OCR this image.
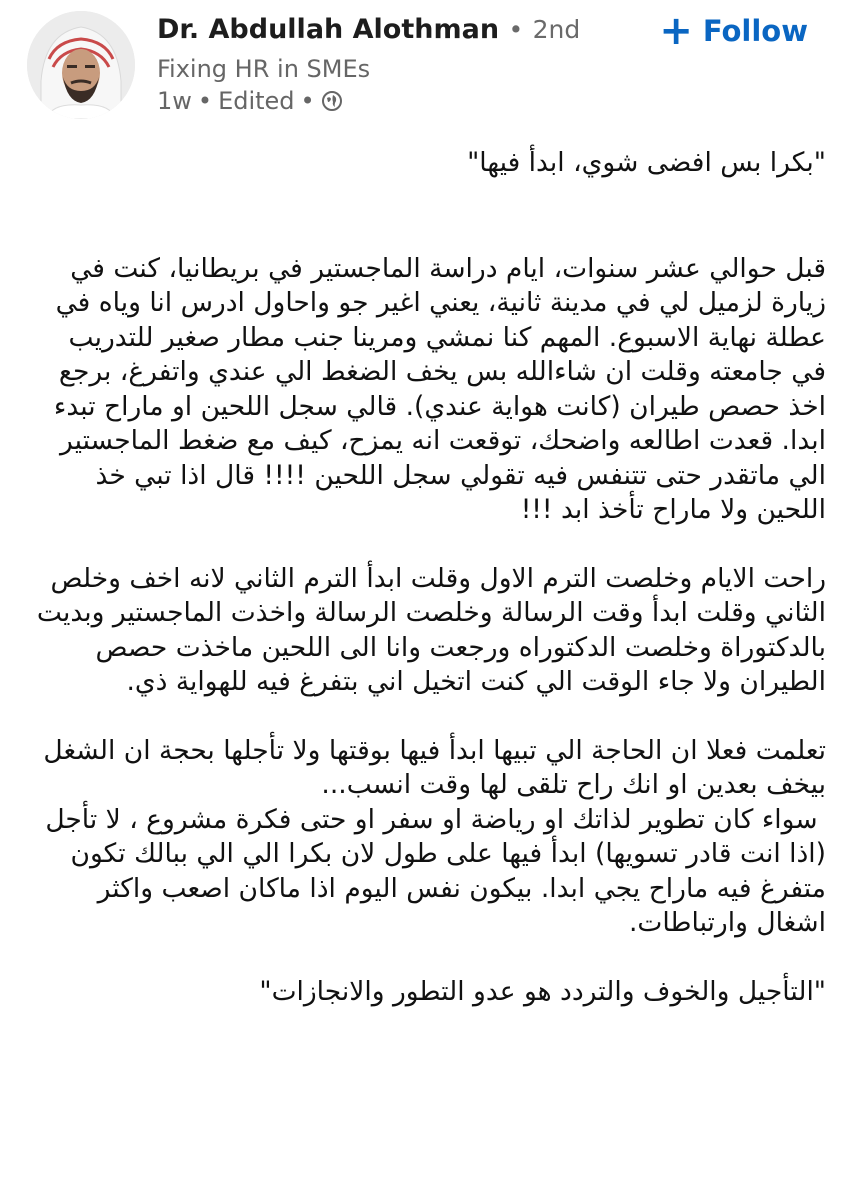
Dr. Abdullah Alothman • 2nd
Fixing HR in SMEs
1w • Edited •
+ Follow

"بكرا بس افضى شوي، ابدأ فيها"

قبل حوالي عشر سنوات، ايام دراسة الماجستير في بريطانيا، كنت في زيارة لزميل لي في مدينة ثانية، يعني اغير جو واحاول ادرس انا وياه في عطلة نهاية الاسبوع. المهم كنا نمشي ومرينا جنب مطار صغير للتدريب في جامعته وقلت ان شاءالله بس يخف الضغط الي عندي واتفرغ، برجع اخذ حصص طيران (كانت هواية عندي). قالي سجل اللحين او ماراح تبدء ابدا. قعدت اطالعه واضحك، توقعت انه يمزح، كيف مع ضغط الماجستير الي ماتقدر حتى تتنفس فيه تقولي سجل اللحين !!!! قال اذا تبي خذ اللحين ولا ماراح تأخذ ابد !!!

راحت الايام وخلصت الترم الاول وقلت ابدأ الترم الثاني لانه اخف وخلص الثاني وقلت ابدأ وقت الرسالة وخلصت الرسالة واخذت الماجستير وبديت بالدكتوراة وخلصت الدكتوراه ورجعت وانا الى اللحين ماخذت حصص الطيران ولا جاء الوقت الي كنت اتخيل اني بتفرغ فيه للهواية ذي.

تعلمت فعلا ان الحاجة الي تبيها ابدأ فيها بوقتها ولا تأجلها بحجة ان الشغل بيخف بعدين او انك راح تلقى لها وقت انسب...
سواء كان تطوير لذاتك او رياضة او سفر او حتى فكرة مشروع ، لا تأجل (اذا انت قادر تسويها) ابدأ فيها على طول لان بكرا الي الي ببالك تكون متفرغ فيه ماراح يجي ابدا. بيكون نفس اليوم اذا ماكان اصعب واكثر اشغال وارتباطات.

"التأجيل والخوف والتردد هو عدو التطور والانجازات"
